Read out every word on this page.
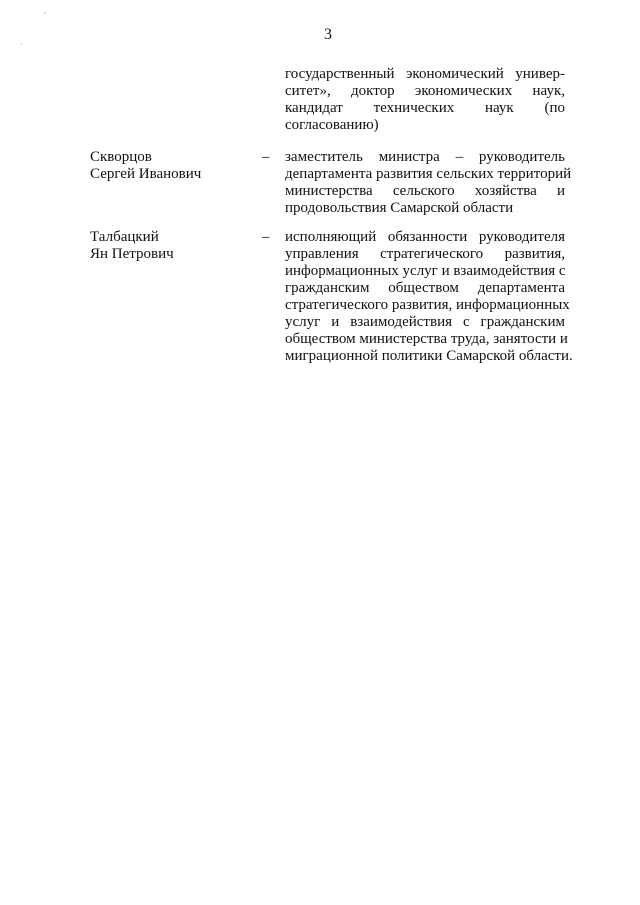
,
·
3
государственный экономический универ-
ситет», доктор экономических наук,
кандидат технических наук (по
согласованию)
Скворцов
Сергей Иванович
– заместитель министра – руководитель
департамента развития сельских территорий
министерства сельского хозяйства и
продовольствия Самарской области
Талбацкий
Ян Петрович
– исполняющий обязанности руководителя
управления стратегического развития,
информационных услуг и взаимодействия с
гражданским обществом департамента
стратегического развития, информационных
услуг и взаимодействия с гражданским
обществом министерства труда, занятости и
миграционной политики Самарской области.
